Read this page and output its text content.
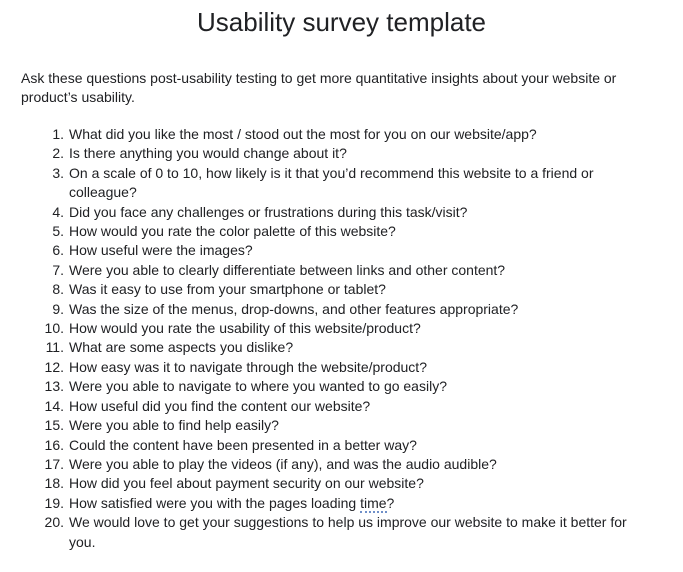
Usability survey template

Ask these questions post-usability testing to get more quantitative insights about your website or product’s usability.

1. What did you like the most / stood out the most for you on our website/app?
2. Is there anything you would change about it?
3. On a scale of 0 to 10, how likely is it that you’d recommend this website to a friend or colleague?
4. Did you face any challenges or frustrations during this task/visit?
5. How would you rate the color palette of this website?
6. How useful were the images?
7. Were you able to clearly differentiate between links and other content?
8. Was it easy to use from your smartphone or tablet?
9. Was the size of the menus, drop-downs, and other features appropriate?
10. How would you rate the usability of this website/product?
11. What are some aspects you dislike?
12. How easy was it to navigate through the website/product?
13. Were you able to navigate to where you wanted to go easily?
14. How useful did you find the content our website?
15. Were you able to find help easily?
16. Could the content have been presented in a better way?
17. Were you able to play the videos (if any), and was the audio audible?
18. How did you feel about payment security on our website?
19. How satisfied were you with the pages loading time?
20. We would love to get your suggestions to help us improve our website to make it better for you.
